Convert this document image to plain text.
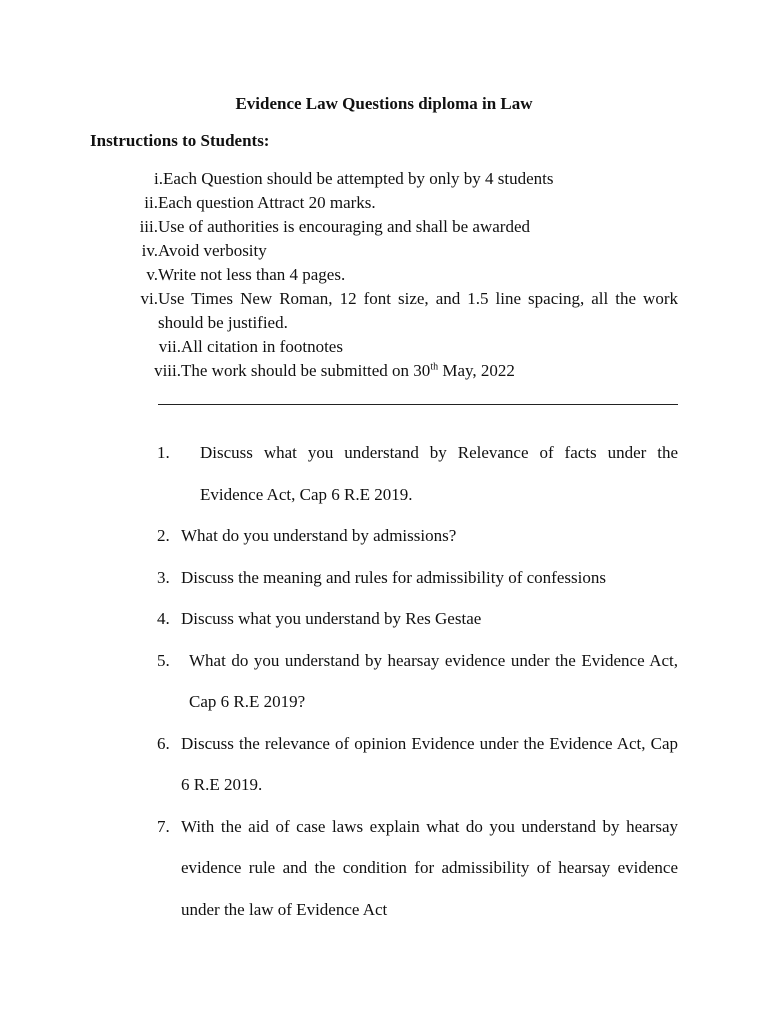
Evidence Law Questions diploma in Law
Instructions to Students:
i. Each Question should be attempted by only by 4 students
ii. Each question Attract 20 marks.
iii. Use of authorities is encouraging and shall be awarded
iv. Avoid verbosity
v. Write not less than 4 pages.
vi. Use Times New Roman, 12 font size, and 1.5 line spacing, all the work should be justified.
vii. All citation in footnotes
viii. The work should be submitted on 30th May, 2022
1.	Discuss what you understand by Relevance of facts under the Evidence Act, Cap 6 R.E 2019.
2. What do you understand by admissions?
3. Discuss the meaning and rules for admissibility of confessions
4. Discuss what you understand by Res Gestae
5.	What do you understand by hearsay evidence under the Evidence Act, Cap 6 R.E 2019?
6. Discuss the relevance of opinion Evidence under the Evidence Act, Cap 6 R.E 2019.
7. With the aid of case laws explain what do you understand by hearsay evidence rule and the condition for admissibility of hearsay evidence under the law of Evidence Act
